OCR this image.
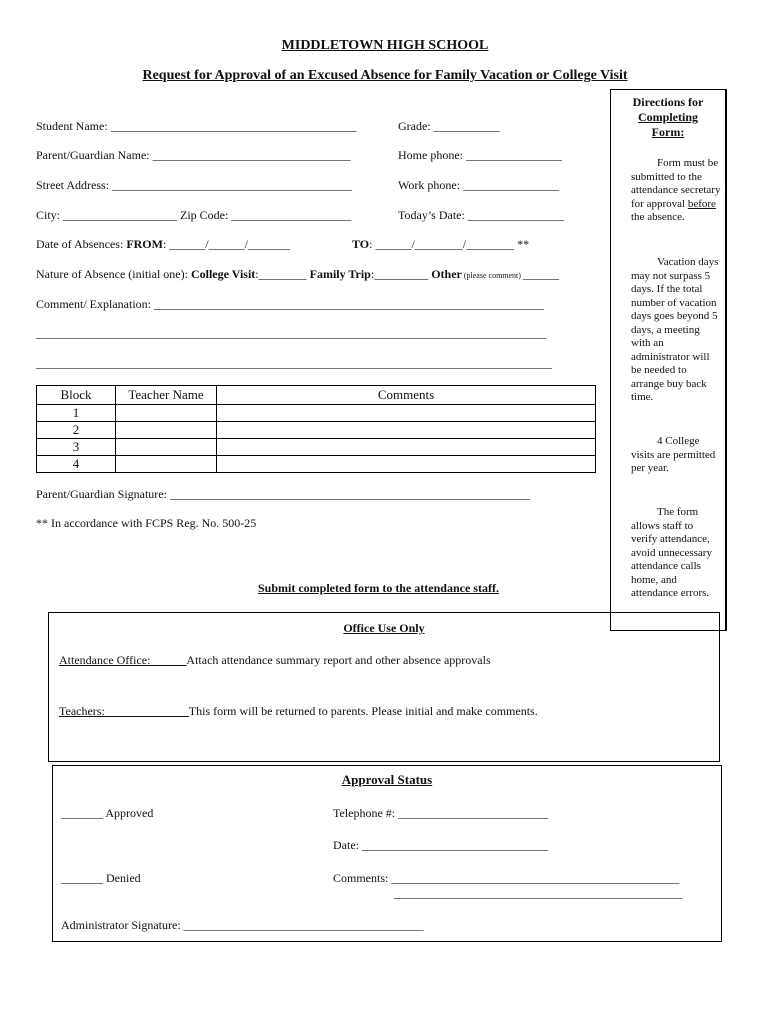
MIDDLETOWN HIGH SCHOOL
Request for Approval of an Excused Absence for Family Vacation or College Visit
Directions for
Completing
Form:
Form must be submitted to the attendance secretary for approval before the absence.
Vacation days may not surpass 5 days. If the total number of vacation days goes beyond 5 days, a meeting with an administrator will be needed to arrange buy back time.
4 College visits are permitted per year.
The form allows staff to verify attendance, avoid unnecessary attendance calls home, and attendance errors.
Student Name: _________________________________________	Grade: ___________
Parent/Guardian Name: _________________________________	Home phone: ________________
Street Address: ________________________________________	Work phone: ________________
City: ___________________ Zip Code: ____________________	Today’s Date: ________________
Date of Absences: FROM: ______/______/_______	TO: ______/________/________ **
Nature of Absence (initial one): College Visit:________ Family Trip:_________ Other (please comment) ______
Comment/ Explanation: _________________________________________________________________
_____________________________________________________________________________________
______________________________________________________________________________________
Block	Teacher Name	Comments
1		
2		
3		
4		
Parent/Guardian Signature: ____________________________________________________________
** In accordance with FCPS Reg. No. 500-25
Submit completed form to the attendance staff.
Office Use Only
Attendance Office:______Attach attendance summary report and other absence approvals
Teachers:______________This form will be returned to parents. Please initial and make comments.
Approval Status
_______ Approved	Telephone #: _________________________
Date: _______________________________
_______ Denied	Comments: ________________________________________________
________________________________________________
Administrator Signature: ________________________________________
